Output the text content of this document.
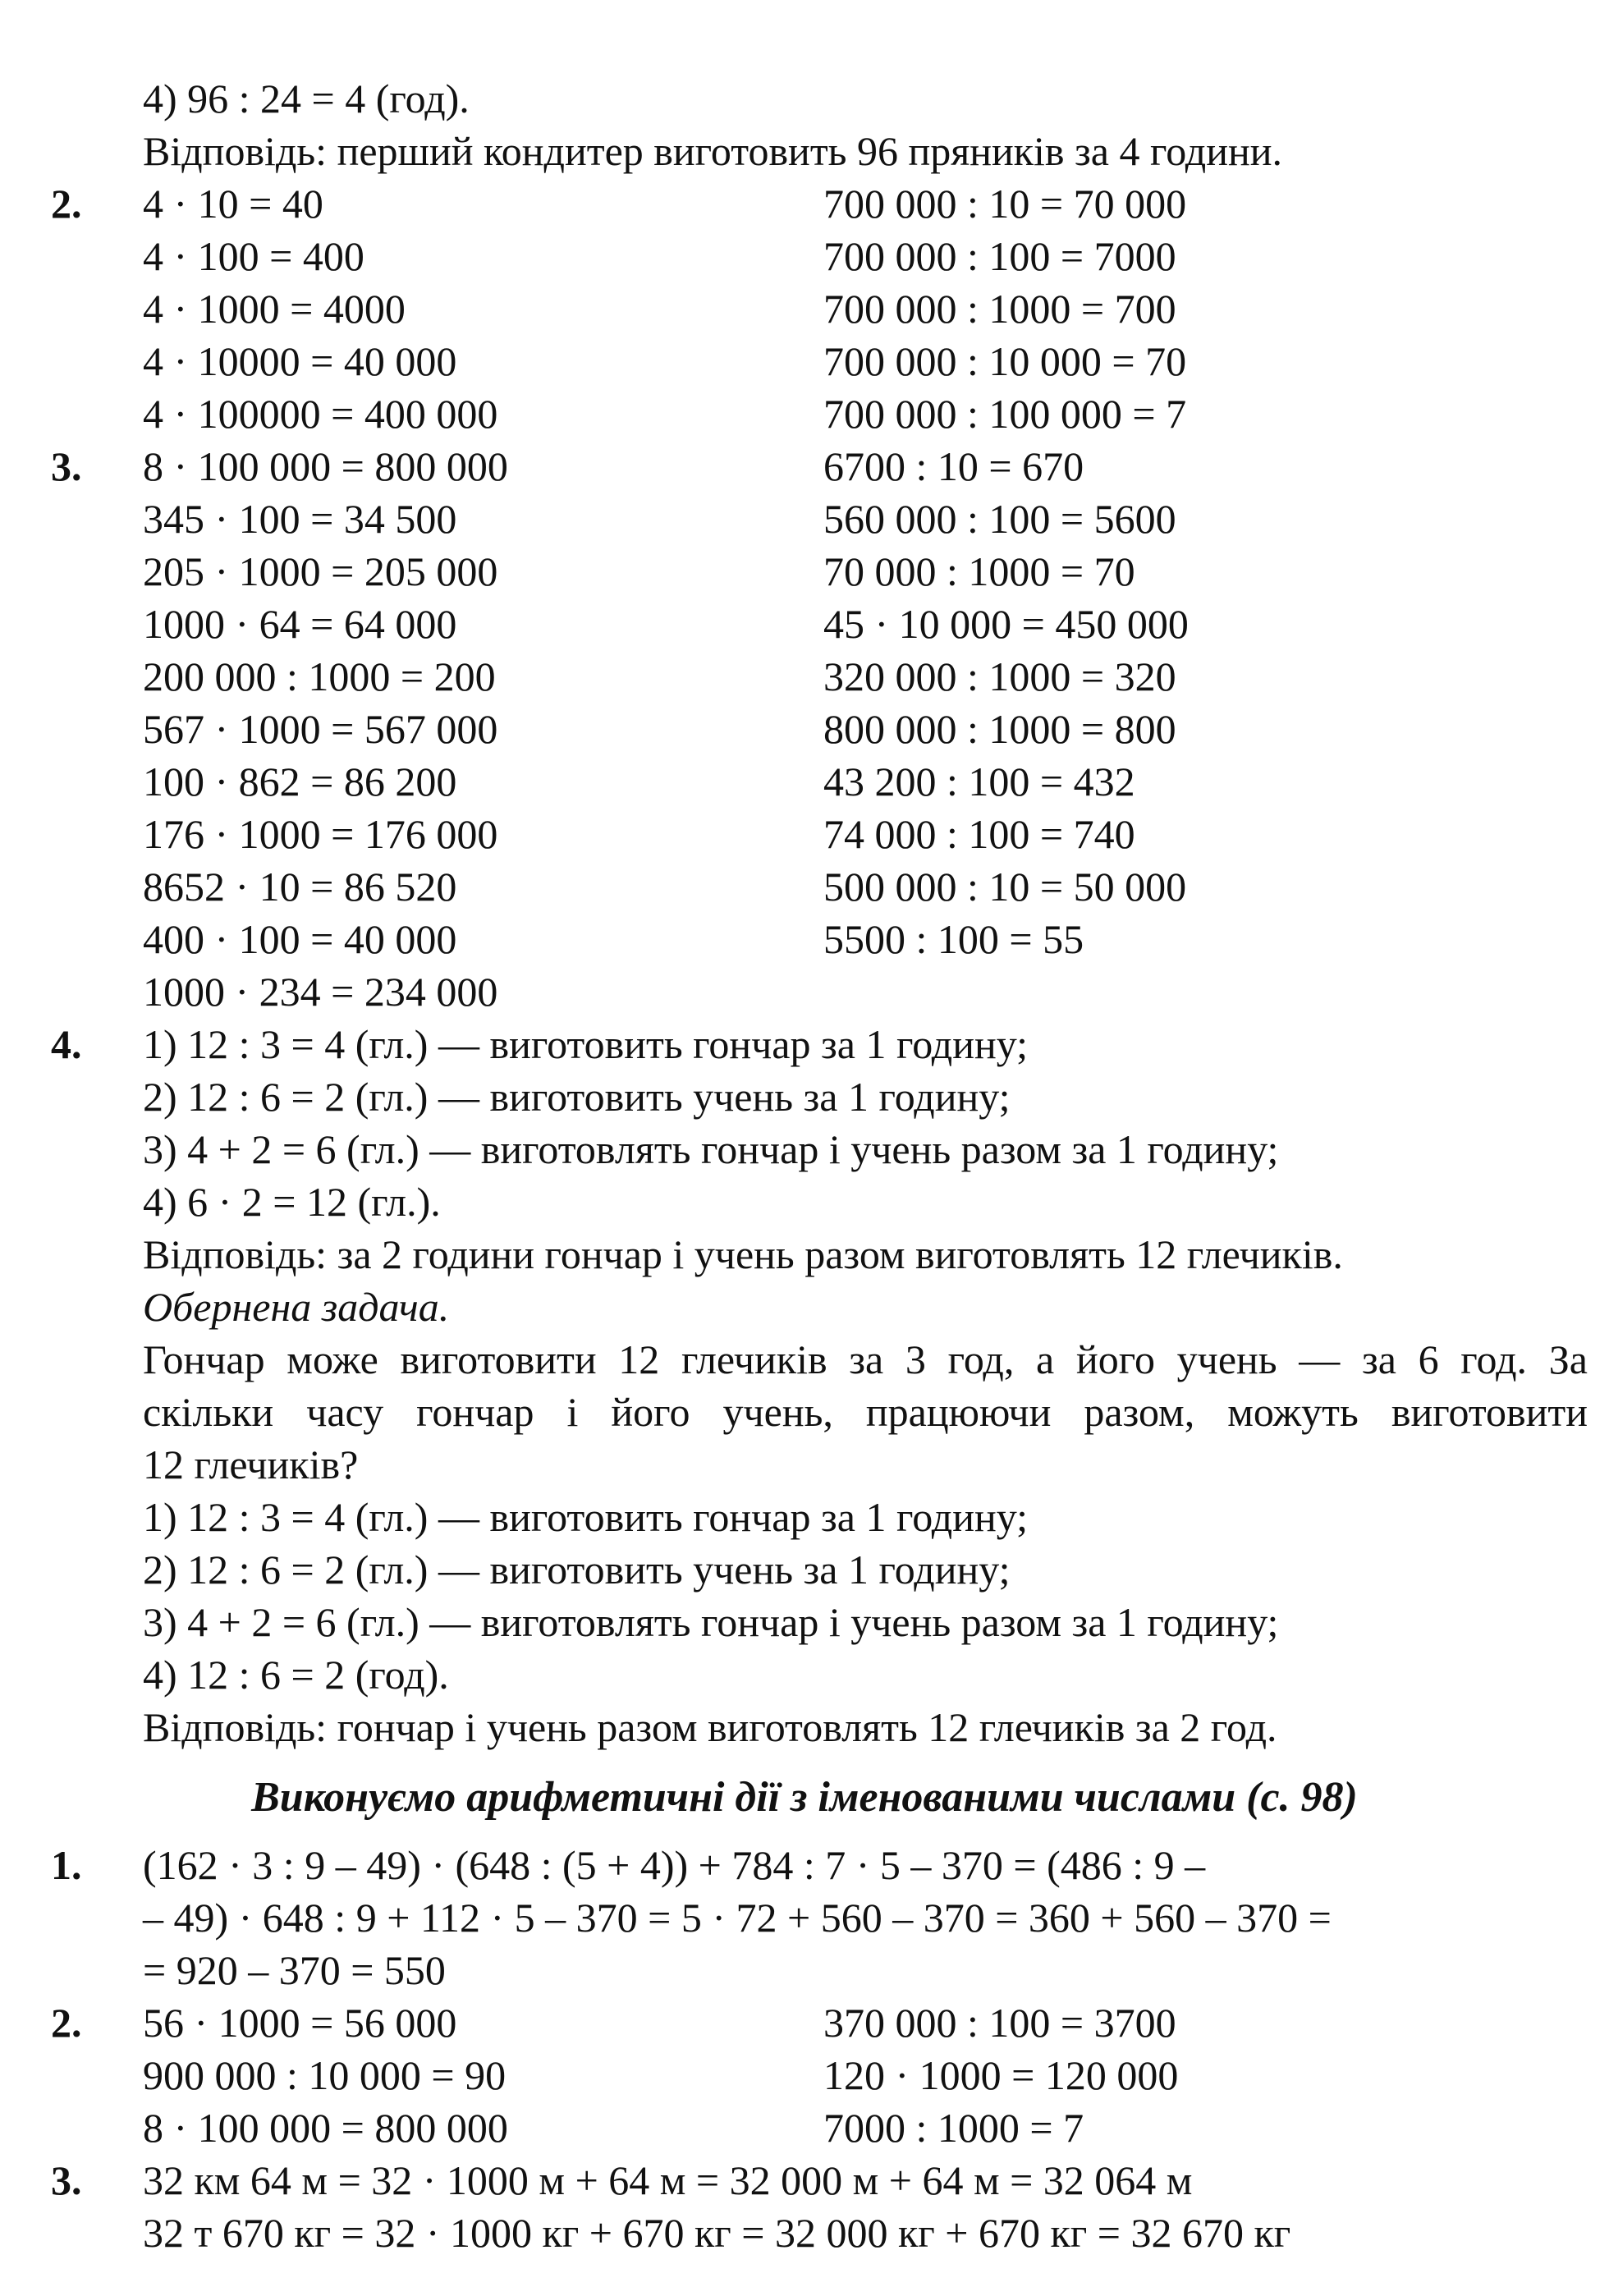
4) 96 : 24 = 4 (год).
Відповідь: перший кондитер виготовить 96 пряників за 4 години.
2. 4 · 10 = 40
4 · 100 = 400
4 · 1000 = 4000
4 · 10000 = 40 000
4 · 100000 = 400 000
700 000 : 10 = 70 000
700 000 : 100 = 7000
700 000 : 1000 = 700
700 000 : 10 000 = 70
700 000 : 100 000 = 7
3. 8 · 100 000 = 800 000
345 · 100 = 34 500
205 · 1000 = 205 000
1000 · 64 = 64 000
200 000 : 1000 = 200
567 · 1000 = 567 000
100 · 862 = 86 200
176 · 1000 = 176 000
8652 · 10 = 86 520
400 · 100 = 40 000
1000 · 234 = 234 000
6700 : 10 = 670
560 000 : 100 = 5600
70 000 : 1000 = 70
45 · 10 000 = 450 000
320 000 : 1000 = 320
800 000 : 1000 = 800
43 200 : 100 = 432
74 000 : 100 = 740
500 000 : 10 = 50 000
5500 : 100 = 55
4. 1) 12 : 3 = 4 (гл.) — виготовить гончар за 1 годину;
2) 12 : 6 = 2 (гл.) — виготовить учень за 1 годину;
3) 4 + 2 = 6 (гл.) — виготовлять гончар і учень разом за 1 годину;
4) 6 · 2 = 12 (гл.).
Відповідь: за 2 години гончар і учень разом виготовлять 12 глечиків.
Обернена задача.
Гончар може виготовити 12 глечиків за 3 год, а його учень — за 6 год. За
скільки часу гончар і його учень, працюючи разом, можуть виготовити
12 глечиків?
1) 12 : 3 = 4 (гл.) — виготовить гончар за 1 годину;
2) 12 : 6 = 2 (гл.) — виготовить учень за 1 годину;
3) 4 + 2 = 6 (гл.) — виготовлять гончар і учень разом за 1 годину;
4) 12 : 6 = 2 (год).
Відповідь: гончар і учень разом виготовлять 12 глечиків за 2 год.
Виконуємо арифметичні дії з іменованими числами (с. 98)
1. (162 · 3 : 9 – 49) · (648 : (5 + 4)) + 784 : 7 · 5 – 370 = (486 : 9 –
– 49) · 648 : 9 + 112 · 5 – 370 = 5 · 72 + 560 – 370 = 360 + 560 – 370 =
= 920 – 370 = 550
2. 56 · 1000 = 56 000
900 000 : 10 000 = 90
8 · 100 000 = 800 000
370 000 : 100 = 3700
120 · 1000 = 120 000
7000 : 1000 = 7
3. 32 км 64 м = 32 · 1000 м + 64 м = 32 000 м + 64 м = 32 064 м
32 т 670 кг = 32 · 1000 кг + 670 кг = 32 000 кг + 670 кг = 32 670 кг
